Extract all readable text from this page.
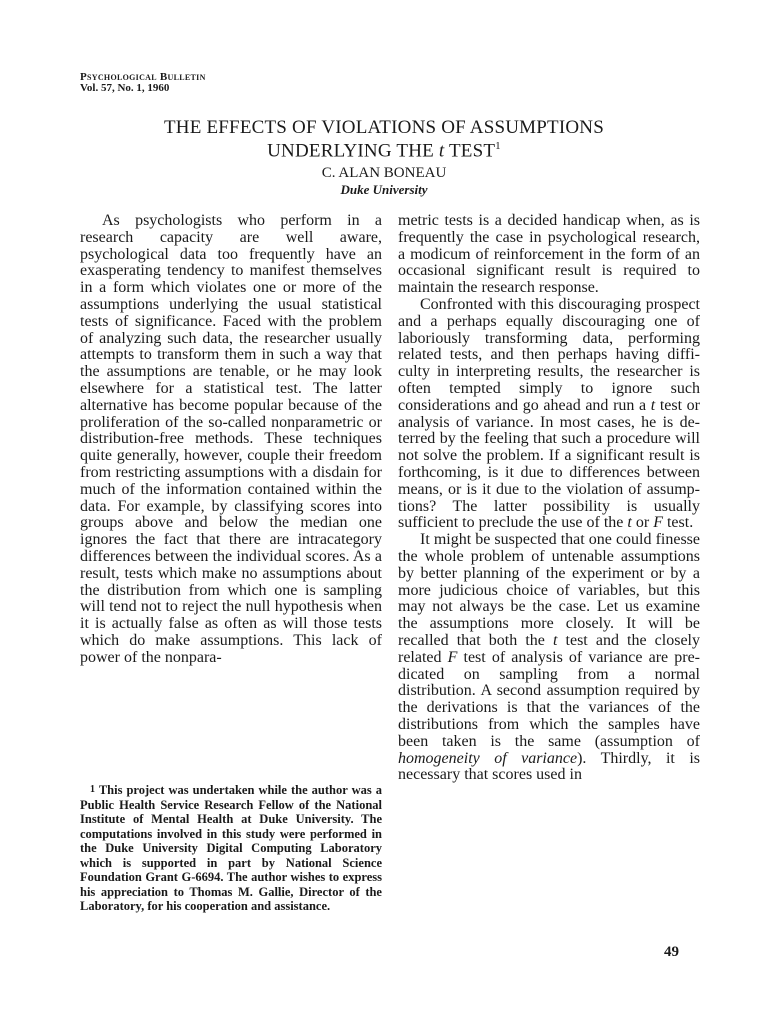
Psychological Bulletin
Vol. 57, No. 1, 1960
THE EFFECTS OF VIOLATIONS OF ASSUMPTIONS
UNDERLYING THE t TEST$^1$
C. ALAN BONEAU
Duke University

As psychologists who perform in a research capacity are well aware, psychological data too frequently have an exasperating tendency to manifest themselves in a form which violates one or more of the assumptions underlying the usual statistical tests of significance. Faced with the problem of analyzing such data, the researcher usually attempts to transform them in such a way that the assumptions are tenable, or he may look elsewhere for a statistical test. The latter alternative has become popular because of the proliferation of the so-called nonparametric or distribution-free methods. These techniques quite generally, however, couple their freedom from restricting assumptions with a disdain for much of the information contained within the data. For example, by classifying scores into groups above and below the median one ignores the fact that there are intracategory differences between the individual scores. As a result, tests which make no assumptions about the distribution from which one is sampling will tend not to reject the null hypothesis when it is actually false as often as will those tests which do make assumptions. This lack of power of the nonpara-

metric tests is a decided handicap when, as is frequently the case in psychological research, a modicum of reinforcement in the form of an occasional significant result is required to maintain the research response.

Confronted with this discouraging prospect and a perhaps equally discouraging one of laboriously transforming data, performing related tests, and then perhaps having difficulty in interpreting results, the researcher is often tempted simply to ignore such considerations and go ahead and run a t test or analysis of variance. In most cases, he is deterred by the feeling that such a procedure will not solve the problem. If a significant result is forthcoming, is it due to differences between means, or is it due to the violation of assumptions? The latter possibility is usually sufficient to preclude the use of the t or F test.

It might be suspected that one could finesse the whole problem of untenable assumptions by better planning of the experiment or by a more judicious choice of variables, but this may not always be the case. Let us examine the assumptions more closely. It will be recalled that both the t test and the closely related F test of analysis of variance are predicated on sampling from a normal distribution. A second assumption required by the derivations is that the variances of the distributions from which the samples have been taken is the same (assumption of homogeneity of variance). Thirdly, it is necessary that scores used in

$^1$ This project was undertaken while the author was a Public Health Service Research Fellow of the National Institute of Mental Health at Duke University. The computations involved in this study were performed in the Duke University Digital Computing Laboratory which is supported in part by National Science Foundation Grant G-6694. The author wishes to express his appreciation to Thomas M. Gallie, Director of the Laboratory, for his cooperation and assistance.

49
